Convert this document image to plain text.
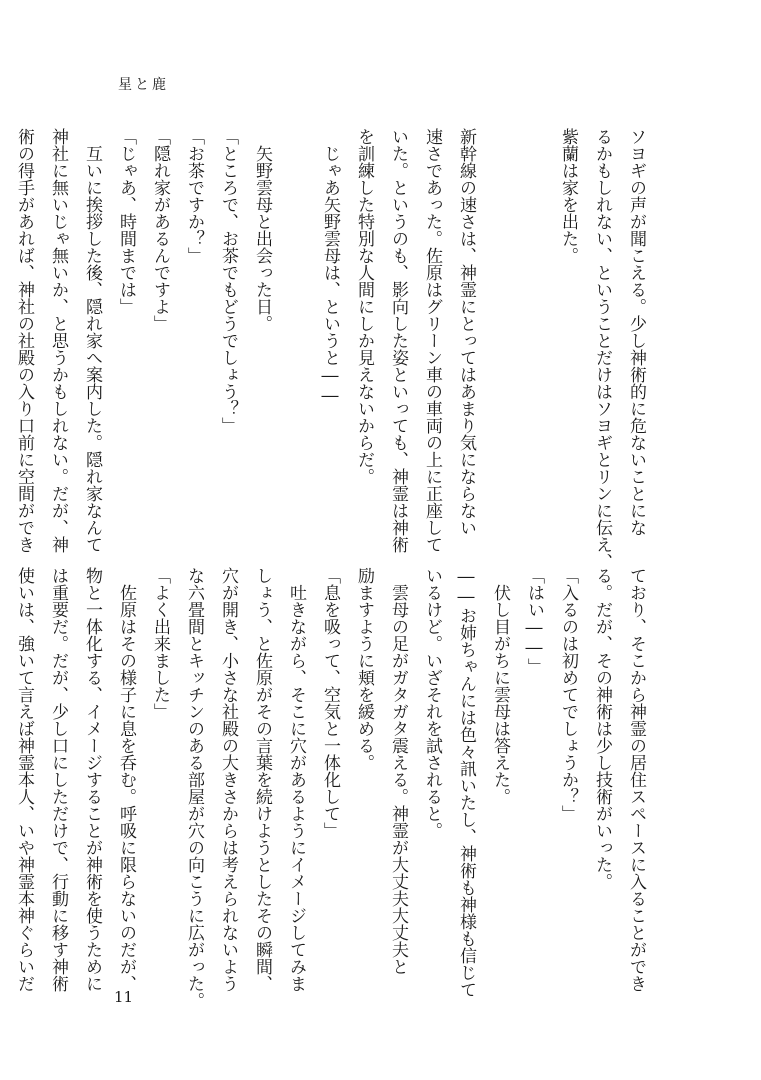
星と鹿
ソヨギの声が聞こえる。少し神術的に危ないことにな
るかもしれない、ということだけはソヨギとリンに伝え、
紫蘭は家を出た。

新幹線の速さは、神霊にとってはあまり気にならない
速さであった。佐原はグリーン車の車両の上に正座して
いた。というのも、影向した姿といっても、神霊は神術
を訓練した特別な人間にしか見えないからだ。
　じゃあ矢野雲母は、というと――

　矢野雲母と出会った日。
「ところで、お茶でもどうでしょう？」
「お茶ですか？」
「隠れ家があるんですよ」
「じゃあ、時間までは」
　互いに挨拶した後、隠れ家へ案内した。隠れ家なんて
神社に無いじゃ無いか、と思うかもしれない。だが、神
術の得手があれば、神社の社殿の入り口前に空間ができ

ており、そこから神霊の居住スペースに入ることができ
る。だが、その神術は少し技術がいった。
「入るのは初めてでしょうか？」
「はい――」
　伏し目がちに雲母は答えた。
――お姉ちゃんには色々訊いたし、神術も神様も信じて
いるけど。いざそれを試されると。
　雲母の足がガタガタ震える。神霊が大丈夫大丈夫と
励ますように頬を緩める。
「息を吸って、空気と一体化して」
　吐きながら、そこに穴があるようにイメージしてみま
しょう、と佐原がその言葉を続けようとしたその瞬間、
穴が開き、小さな社殿の大きさからは考えられないよう
な六畳間とキッチンのある部屋が穴の向こうに広がった。
「よく出来ました」
　佐原はその様子に息を呑む。呼吸に限らないのだが、
物と一体化する、イメージすることが神術を使うために
は重要だ。だが、少し口にしただけで、行動に移す神術
使いは、強いて言えば神霊本人、いや神霊本神ぐらいだ

11
